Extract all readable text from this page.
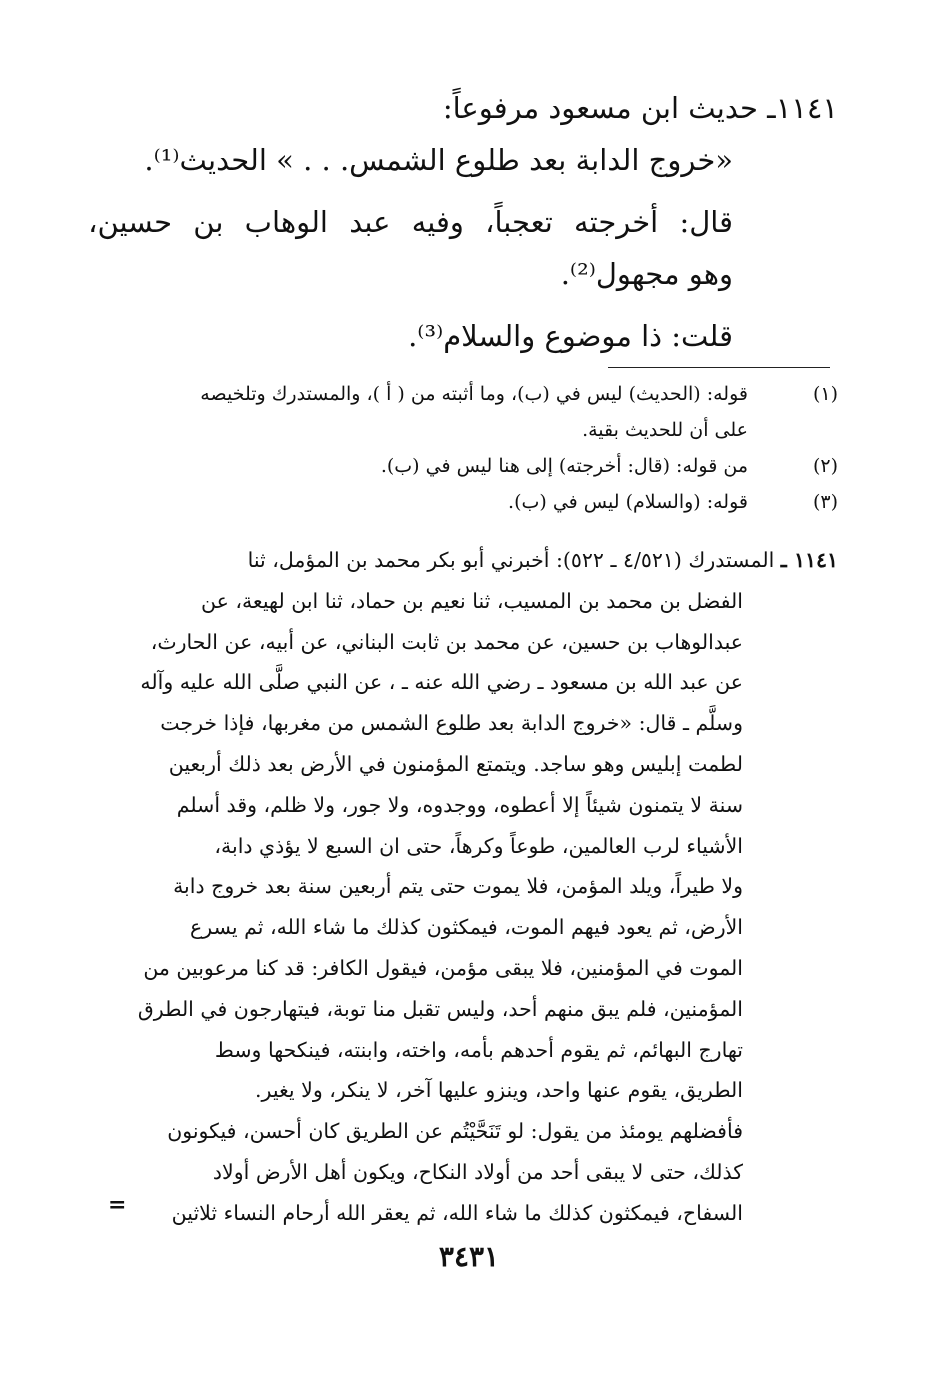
١١٤١ـ حديث ابن مسعود مرفوعاً:
«خروج الدابة بعد طلوع الشمس. . . » الحديث⁽¹⁾.
قال: أخرجته تعجباً، وفيه عبد الوهاب بن حسين،
وهو مجهول⁽²⁾.
قلت: ذا موضوع والسلام⁽³⁾.
(١)
قوله: (الحديث) ليس في (ب)، وما أثبته من ( أ )، والمستدرك وتلخيصه
على أن للحديث بقية.
(٢)
من قوله: (قال: أخرجته) إلى هنا ليس في (ب).
(٣)
قوله: (والسلام) ليس في (ب).
١١٤١ ـ المستدرك (٤/٥٢١ ـ ٥٢٢): أخبرني أبو بكر محمد بن المؤمل، ثنا
الفضل بن محمد بن المسيب، ثنا نعيم بن حماد، ثنا ابن لهيعة، عن
عبدالوهاب بن حسين، عن محمد بن ثابت البناني، عن أبيه، عن الحارث،
عن عبد الله بن مسعود ـ رضي الله عنه ـ ، عن النبي صلَّى الله عليه وآله
وسلَّم ـ قال: «خروج الدابة بعد طلوع الشمس من مغربها، فإذا خرجت
لطمت إبليس وهو ساجد. ويتمتع المؤمنون في الأرض بعد ذلك أربعين
سنة لا يتمنون شيئاً إلا أعطوه، ووجدوه، ولا جور، ولا ظلم، وقد أسلم
الأشياء لرب العالمين، طوعاً وكرهاً، حتى ان السبع لا يؤذي دابة،
ولا طيراً، ويلد المؤمن، فلا يموت حتى يتم أربعين سنة بعد خروج دابة
الأرض، ثم يعود فيهم الموت، فيمكثون كذلك ما شاء الله، ثم يسرع
الموت في المؤمنين، فلا يبقى مؤمن، فيقول الكافر: قد كنا مرعوبين من
المؤمنين، فلم يبق منهم أحد، وليس تقبل منا توبة، فيتهارجون في الطرق
تهارج البهائم، ثم يقوم أحدهم بأمه، واخته، وابنته، فينكحها وسط
الطريق، يقوم عنها واحد، وينزو عليها آخر، لا ينكر، ولا يغير.
فأفضلهم يومئذ من يقول: لو تَنَحَّيْتُم عن الطريق كان أحسن، فيكونون
كذلك، حتى لا يبقى أحد من أولاد النكاح، ويكون أهل الأرض أولاد
السفاح، فيمكثون كذلك ما شاء الله، ثم يعقر الله أرحام النساء ثلاثين
=
٣٤٣١
